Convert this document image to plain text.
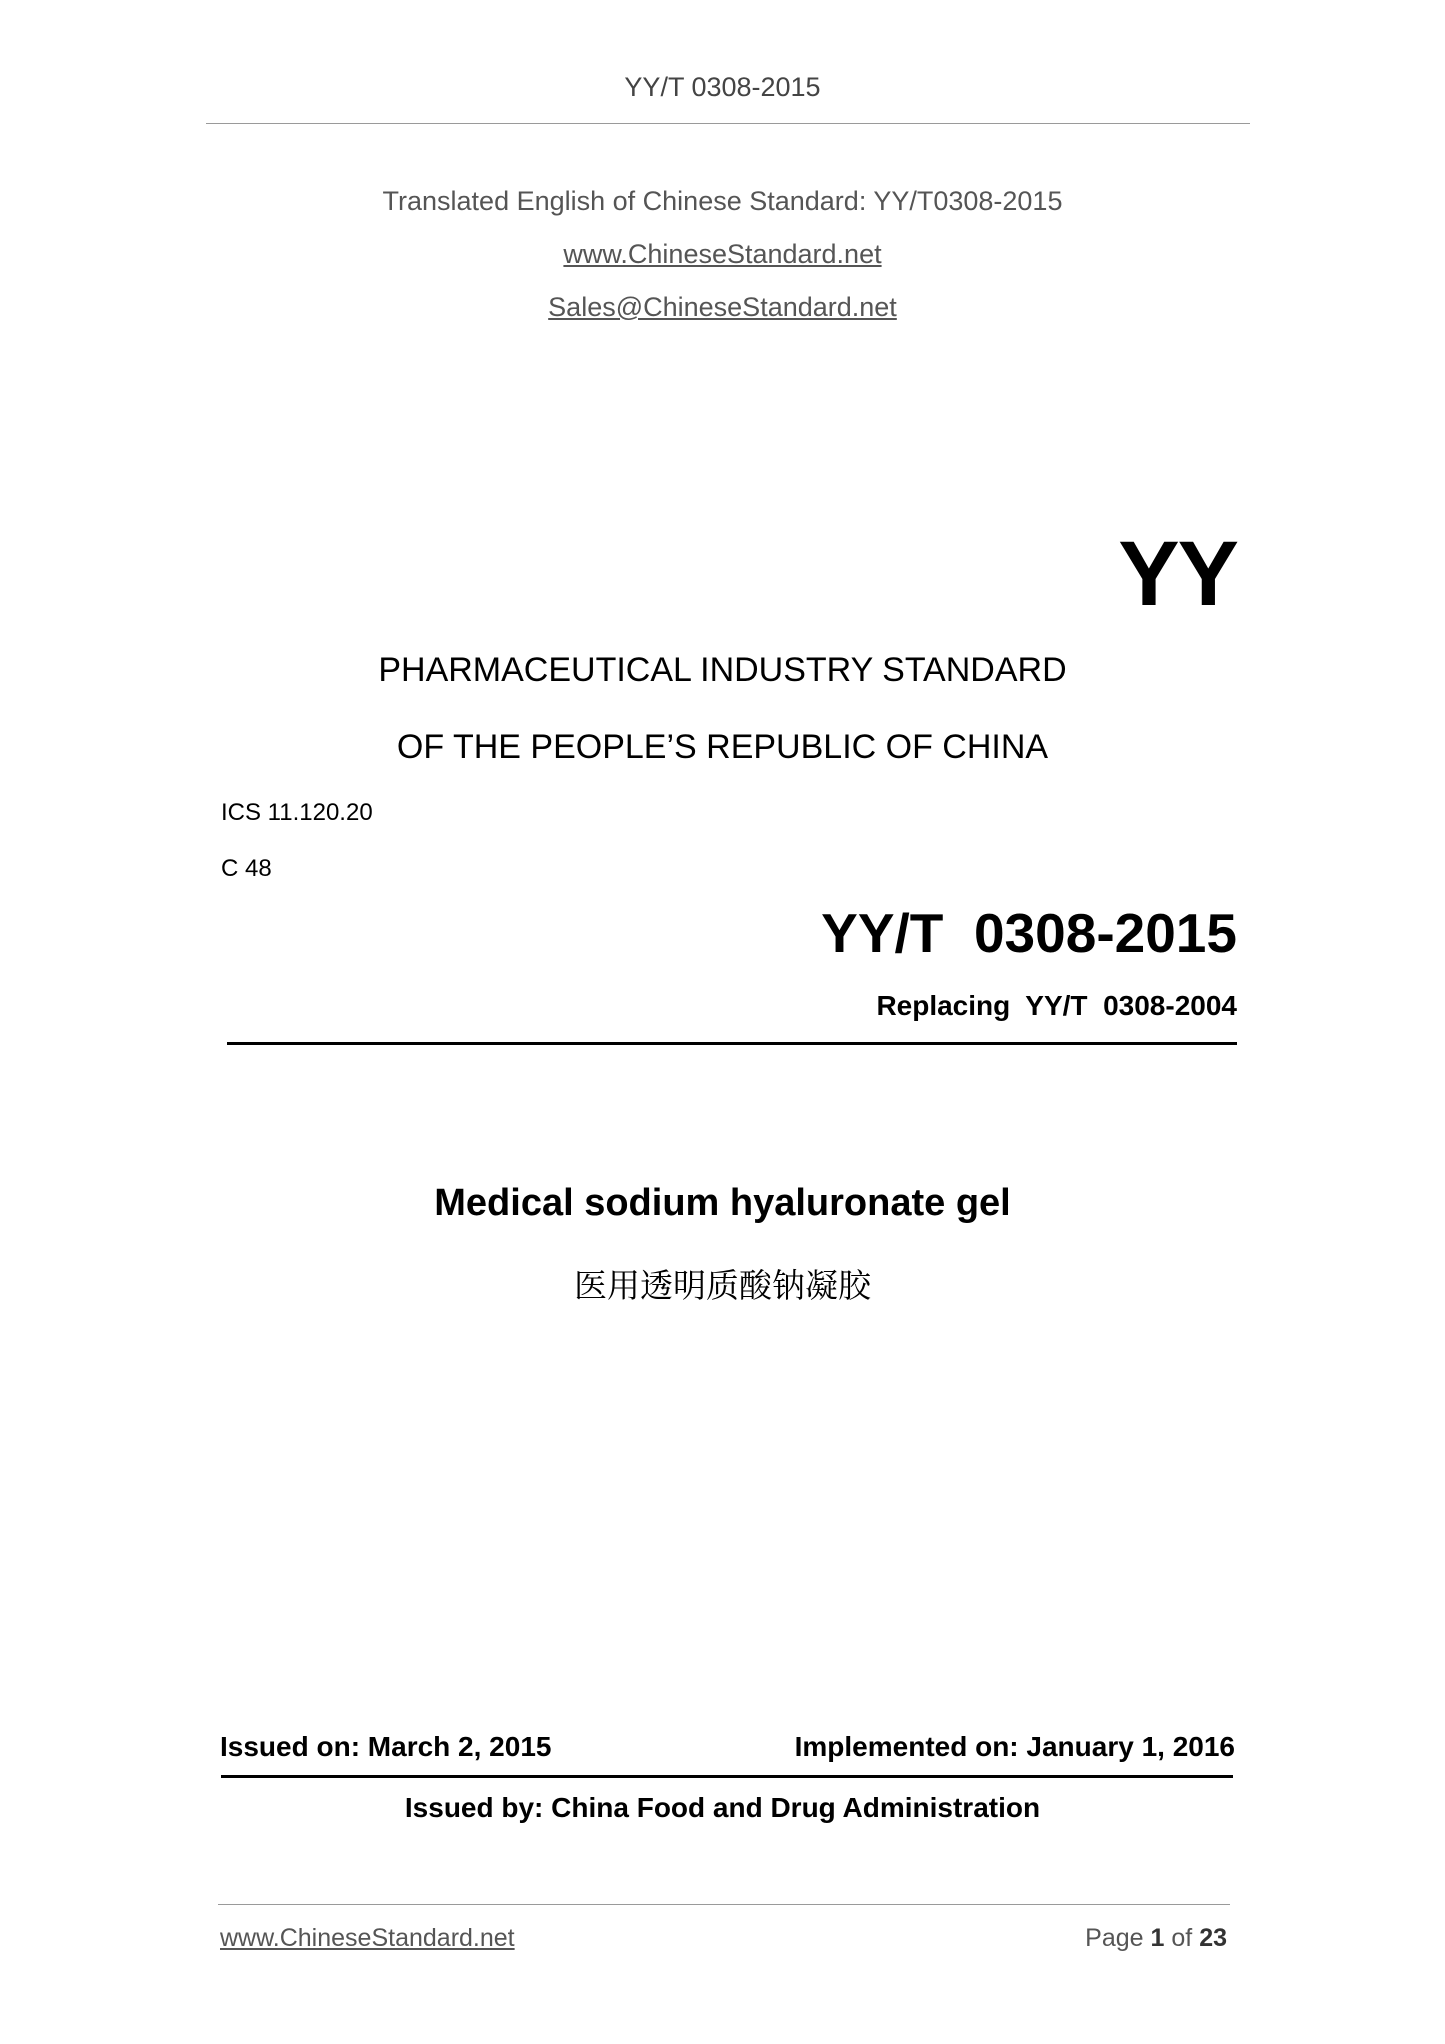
YY/T 0308-2015
Translated English of Chinese Standard: YY/T0308-2015
www.ChineseStandard.net
Sales@ChineseStandard.net
YY
PHARMACEUTICAL INDUSTRY STANDARD
OF THE PEOPLE’S REPUBLIC OF CHINA
ICS 11.120.20
C 48
YY/T  0308-2015
Replacing  YY/T  0308-2004
Medical sodium hyaluronate gel
医用透明质酸钠凝胶
Issued on: March 2, 2015	Implemented on: January 1, 2016
Issued by: China Food and Drug Administration
www.ChineseStandard.net	Page 1 of 23
